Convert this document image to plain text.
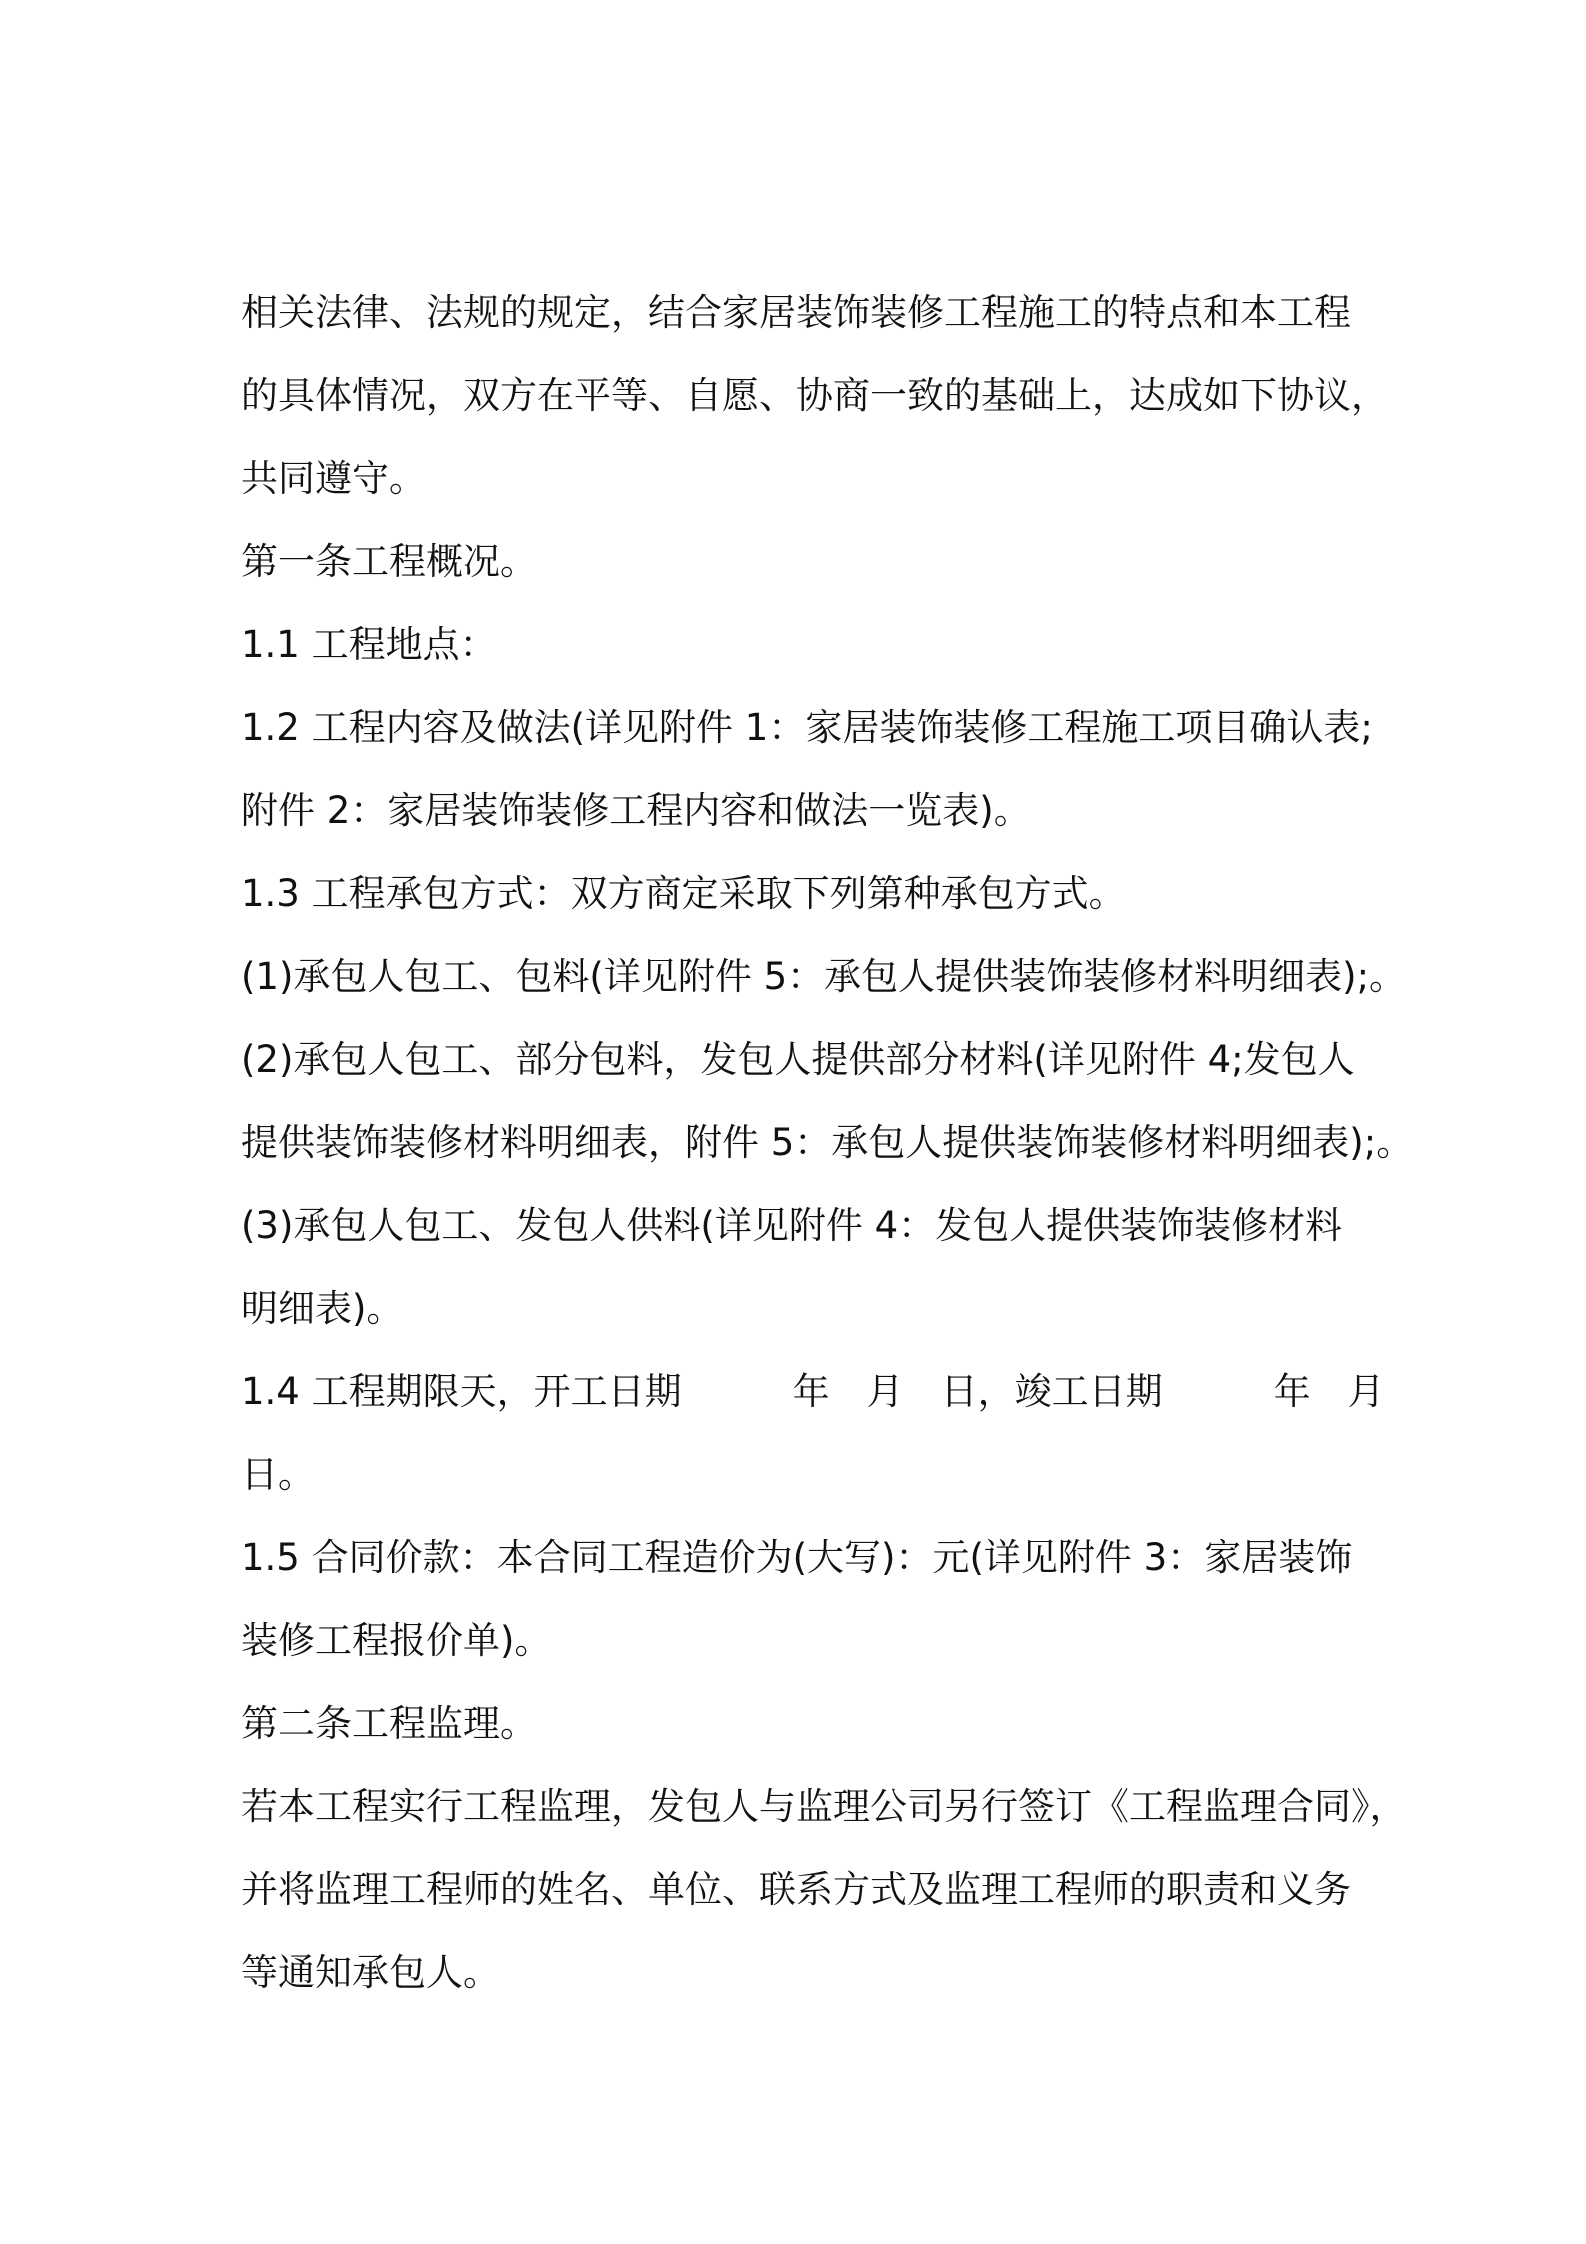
相关法律、法规的规定，结合家居装饰装修工程施工的特点和本工程
的具体情况，双方在平等、自愿、协商一致的基础上，达成如下协议，
共同遵守。
第一条工程概况。
1.1 工程地点：
1.2 工程内容及做法(详见附件 1：家居装饰装修工程施工项目确认表;
附件 2：家居装饰装修工程内容和做法一览表)。
1.3 工程承包方式：双方商定采取下列第种承包方式。
(1)承包人包工、包料(详见附件 5：承包人提供装饰装修材料明细表);。
(2)承包人包工、部分包料，发包人提供部分材料(详见附件 4;发包人
提供装饰装修材料明细表，附件 5：承包人提供装饰装修材料明细表);。
(3)承包人包工、发包人供料(详见附件 4：发包人提供装饰装修材料
明细表)。
1.4 工程期限天，开工日期　　　年　月　日，竣工日期　　　年　月
日。
1.5 合同价款：本合同工程造价为(大写)：元(详见附件 3：家居装饰
装修工程报价单)。
第二条工程监理。
若本工程实行工程监理，发包人与监理公司另行签订《工程监理合同》，
并将监理工程师的姓名、单位、联系方式及监理工程师的职责和义务
等通知承包人。
